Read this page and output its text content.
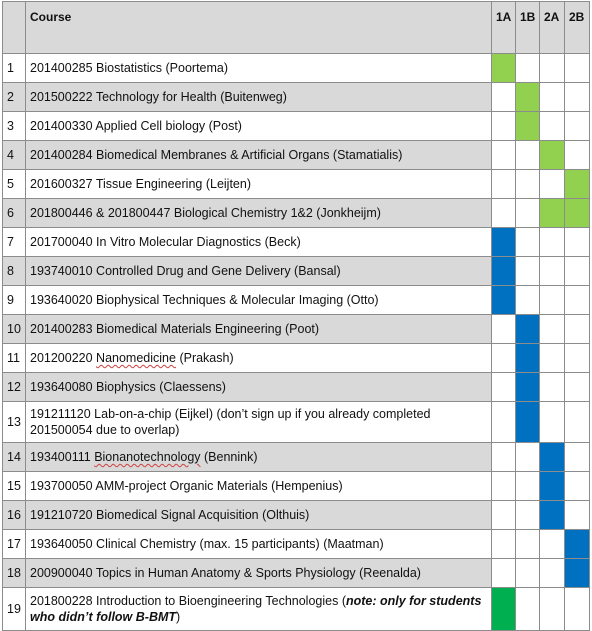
	Course	1A	1B	2A	2B
1	201400285 Biostatistics (Poortema)				
2	201500222 Technology for Health (Buitenweg)				
3	201400330 Applied Cell biology (Post)				
4	201400284 Biomedical Membranes & Artificial Organs (Stamatialis)				
5	201600327 Tissue Engineering (Leijten)				
6	201800446 & 201800447 Biological Chemistry 1&2 (Jonkheijm)				
7	201700040 In Vitro Molecular Diagnostics (Beck)				
8	193740010 Controlled Drug and Gene Delivery (Bansal)				
9	193640020 Biophysical Techniques & Molecular Imaging (Otto)				
10	201400283 Biomedical Materials Engineering (Poot)				
11	201200220 Nanomedicine (Prakash)				
12	193640080 Biophysics (Claessens)				
13	191211120 Lab-on-a-chip (Eijkel) (don’t sign up if you already completed 201500054 due to overlap)				
14	193400111 Bionanotechnology (Bennink)				
15	193700050 AMM-project Organic Materials (Hempenius)				
16	191210720 Biomedical Signal Acquisition (Olthuis)				
17	193640050 Clinical Chemistry (max. 15 participants) (Maatman)				
18	200900040 Topics in Human Anatomy & Sports Physiology (Reenalda)				
19	201800228 Introduction to Bioengineering Technologies (note: only for students who didn’t follow B-BMT)				
